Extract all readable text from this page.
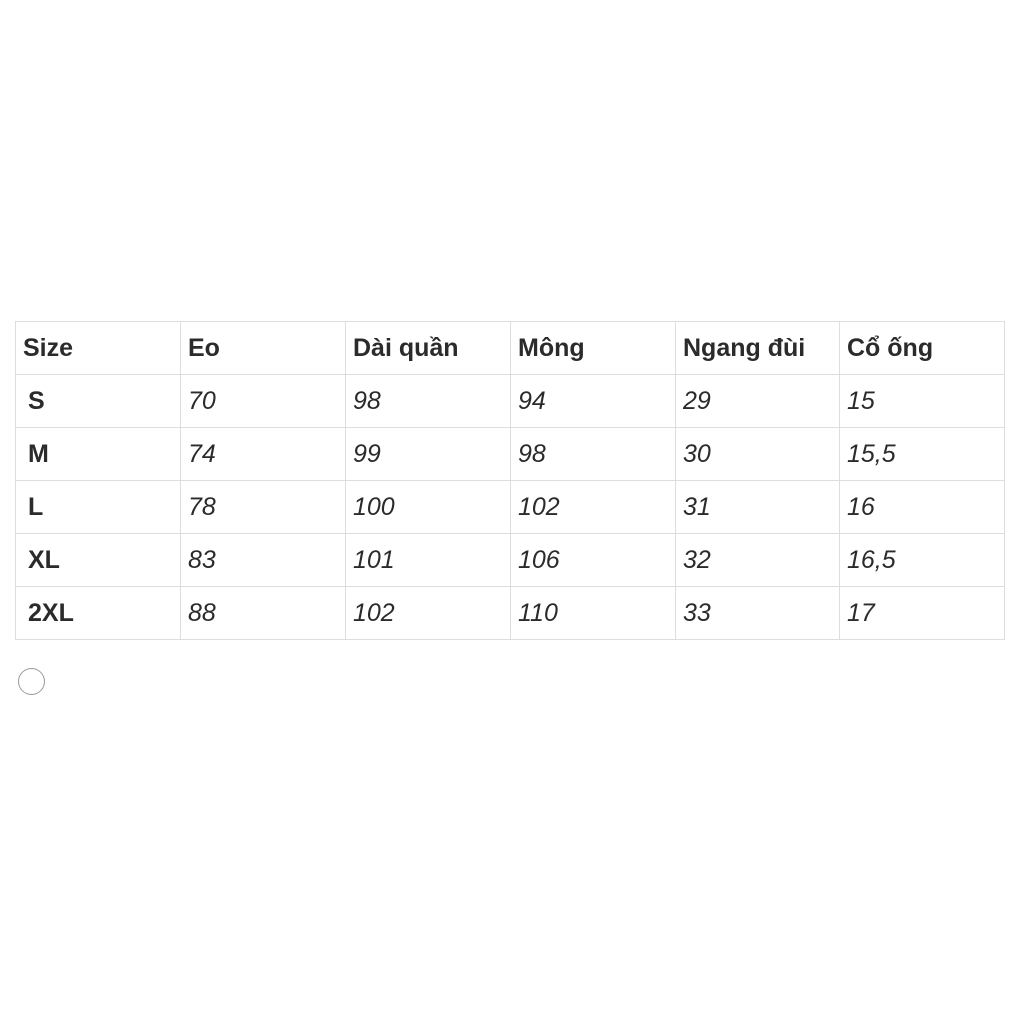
Size	Eo	Dài quần	Mông	Ngang đùi	Cổ ống
S	70	98	94	29	15
M	74	99	98	30	15,5
L	78	100	102	31	16
XL	83	101	106	32	16,5
2XL	88	102	110	33	17
